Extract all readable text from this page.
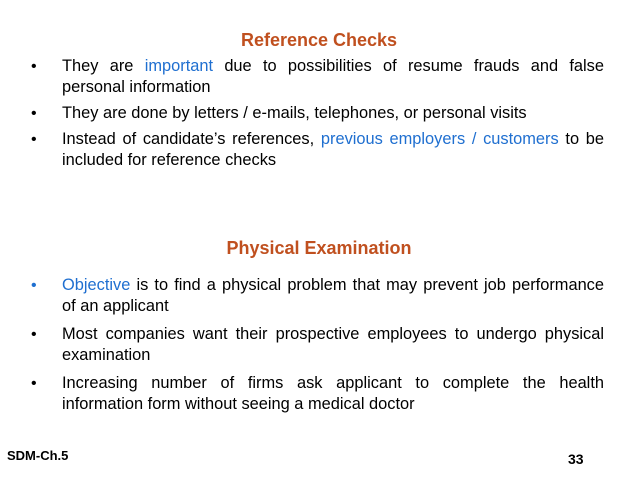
Reference Checks
• They are important due to possibilities of resume frauds and false personal information
• They are done by letters / e-mails, telephones, or personal visits
• Instead of candidate’s references, previous employers / customers to be included for reference checks
Physical Examination
• Objective is to find a physical problem that may prevent job performance of an applicant
• Most companies want their prospective employees to undergo physical examination
• Increasing number of firms ask applicant to complete the health information form without seeing a medical doctor
SDM-Ch.5	33
